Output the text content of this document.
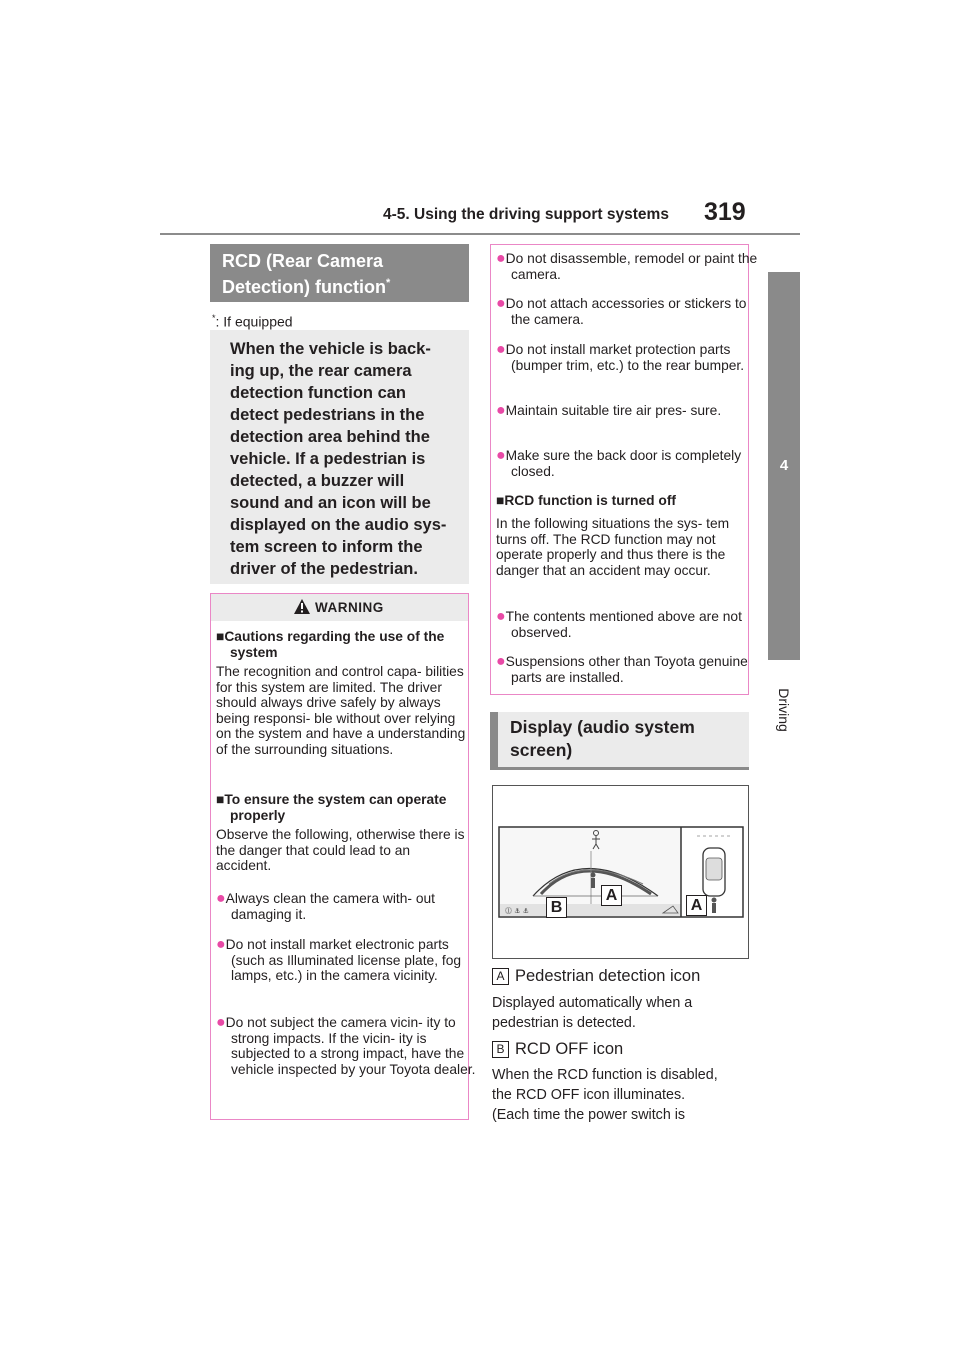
4-5. Using the driving support systems	319
4
Driving
RCD (Rear Camera
Detection) function*
*: If equipped
When the vehicle is back-
ing up, the rear camera
detection function can
detect pedestrians in the
detection area behind the
vehicle. If a pedestrian is
detected, a buzzer will
sound and an icon will be
displayed on the audio sys-
tem screen to inform the
driver of the pedestrian.
WARNING
■Cautions regarding the use of the system
The recognition and control capa- bilities for this system are limited. The driver should always drive safely by always being responsi- ble without over relying on the system and have a understanding of the surrounding situations.
■To ensure the system can operate properly
Observe the following, otherwise there is the danger that could lead to an accident.
●Always clean the camera with- out damaging it.
●Do not install market electronic parts (such as Illuminated license plate, fog lamps, etc.) in the camera vicinity.
●Do not subject the camera vicin- ity to strong impacts. If the vicin- ity is subjected to a strong impact, have the vehicle inspected by your Toyota dealer.
●Do not disassemble, remodel or paint the camera.
●Do not attach accessories or stickers to the camera.
●Do not install market protection parts (bumper trim, etc.) to the rear bumper.
●Maintain suitable tire air pres- sure.
●Make sure the back door is completely closed.
■RCD function is turned off
In the following situations the sys- tem turns off. The RCD function may not operate properly and thus there is the danger that an accident may occur.
●The contents mentioned above are not observed.
●Suspensions other than Toyota genuine parts are installed.
Display (audio system
screen)
⓵ ⚓ ⚓
A
B	A
A Pedestrian detection icon
Displayed automatically when a pedestrian is detected.
B RCD OFF icon
When the RCD function is disabled,
the RCD OFF icon illuminates.
(Each time the power switch is
